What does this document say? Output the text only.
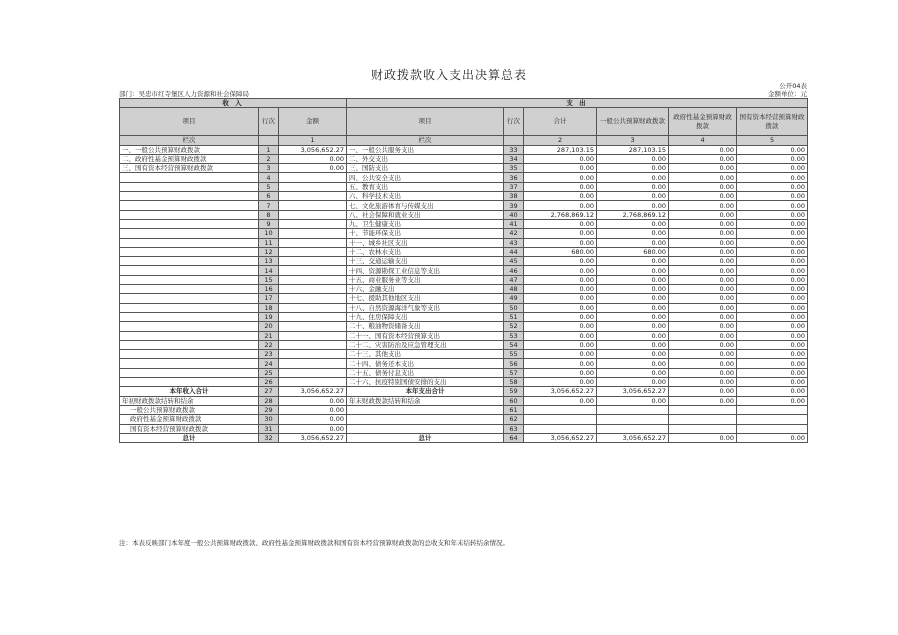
财政拨款收入支出决算总表
部门：吴忠市红寺堡区人力资源和社会保障局
公开04表
金额单位：元
收 入			支 出					
项目	行次	金额	项目	行次	合计	一般公共预算财政拨款	政府性基金预算财政拨款	国有资本经营预算财政拨款
栏次		1	栏次		2	3	4	5
一、一般公共预算财政拨款	1	3,056,652.27	一、一般公共服务支出	33	287,103.15	287,103.15	0.00	0.00
二、政府性基金预算财政拨款	2	0.00	二、外交支出	34	0.00	0.00	0.00	0.00
三、国有资本经营预算财政拨款	3	0.00	三、国防支出	35	0.00	0.00	0.00	0.00
	4		四、公共安全支出	36	0.00	0.00	0.00	0.00
	5		五、教育支出	37	0.00	0.00	0.00	0.00
	6		六、科学技术支出	38	0.00	0.00	0.00	0.00
	7		七、文化旅游体育与传媒支出	39	0.00	0.00	0.00	0.00
	8		八、社会保障和就业支出	40	2,768,869.12	2,768,869.12	0.00	0.00
	9		九、卫生健康支出	41	0.00	0.00	0.00	0.00
	10		十、节能环保支出	42	0.00	0.00	0.00	0.00
	11		十一、城乡社区支出	43	0.00	0.00	0.00	0.00
	12		十二、农林水支出	44	680.00	680.00	0.00	0.00
	13		十三、交通运输支出	45	0.00	0.00	0.00	0.00
	14		十四、资源勘探工业信息等支出	46	0.00	0.00	0.00	0.00
	15		十五、商业服务业等支出	47	0.00	0.00	0.00	0.00
	16		十六、金融支出	48	0.00	0.00	0.00	0.00
	17		十七、援助其他地区支出	49	0.00	0.00	0.00	0.00
	18		十八、自然资源海洋气象等支出	50	0.00	0.00	0.00	0.00
	19		十九、住房保障支出	51	0.00	0.00	0.00	0.00
	20		二十、粮油物资储备支出	52	0.00	0.00	0.00	0.00
	21		二十一、国有资本经营预算支出	53	0.00	0.00	0.00	0.00
	22		二十二、灾害防治及应急管理支出	54	0.00	0.00	0.00	0.00
	23		二十三、其他支出	55	0.00	0.00	0.00	0.00
	24		二十四、债务还本支出	56	0.00	0.00	0.00	0.00
	25		二十五、债务付息支出	57	0.00	0.00	0.00	0.00
	26		二十六、抗疫特别国债安排的支出	58	0.00	0.00	0.00	0.00
本年收入合计	27	3,056,652.27	本年支出合计	59	3,056,652.27	3,056,652.27	0.00	0.00
年初财政拨款结转和结余	28	0.00	年末财政拨款结转和结余	60	0.00	0.00	0.00	0.00
一般公共预算财政拨款	29	0.00		61				
政府性基金预算财政拨款	30	0.00		62				
国有资本经营预算财政拨款	31	0.00		63				
总计	32	3,056,652.27	总计	64	3,056,652.27	3,056,652.27	0.00	0.00
注：本表反映部门本年度一般公共预算财政拨款、政府性基金预算财政拨款和国有资本经营预算财政拨款的总收支和年末结转结余情况。
